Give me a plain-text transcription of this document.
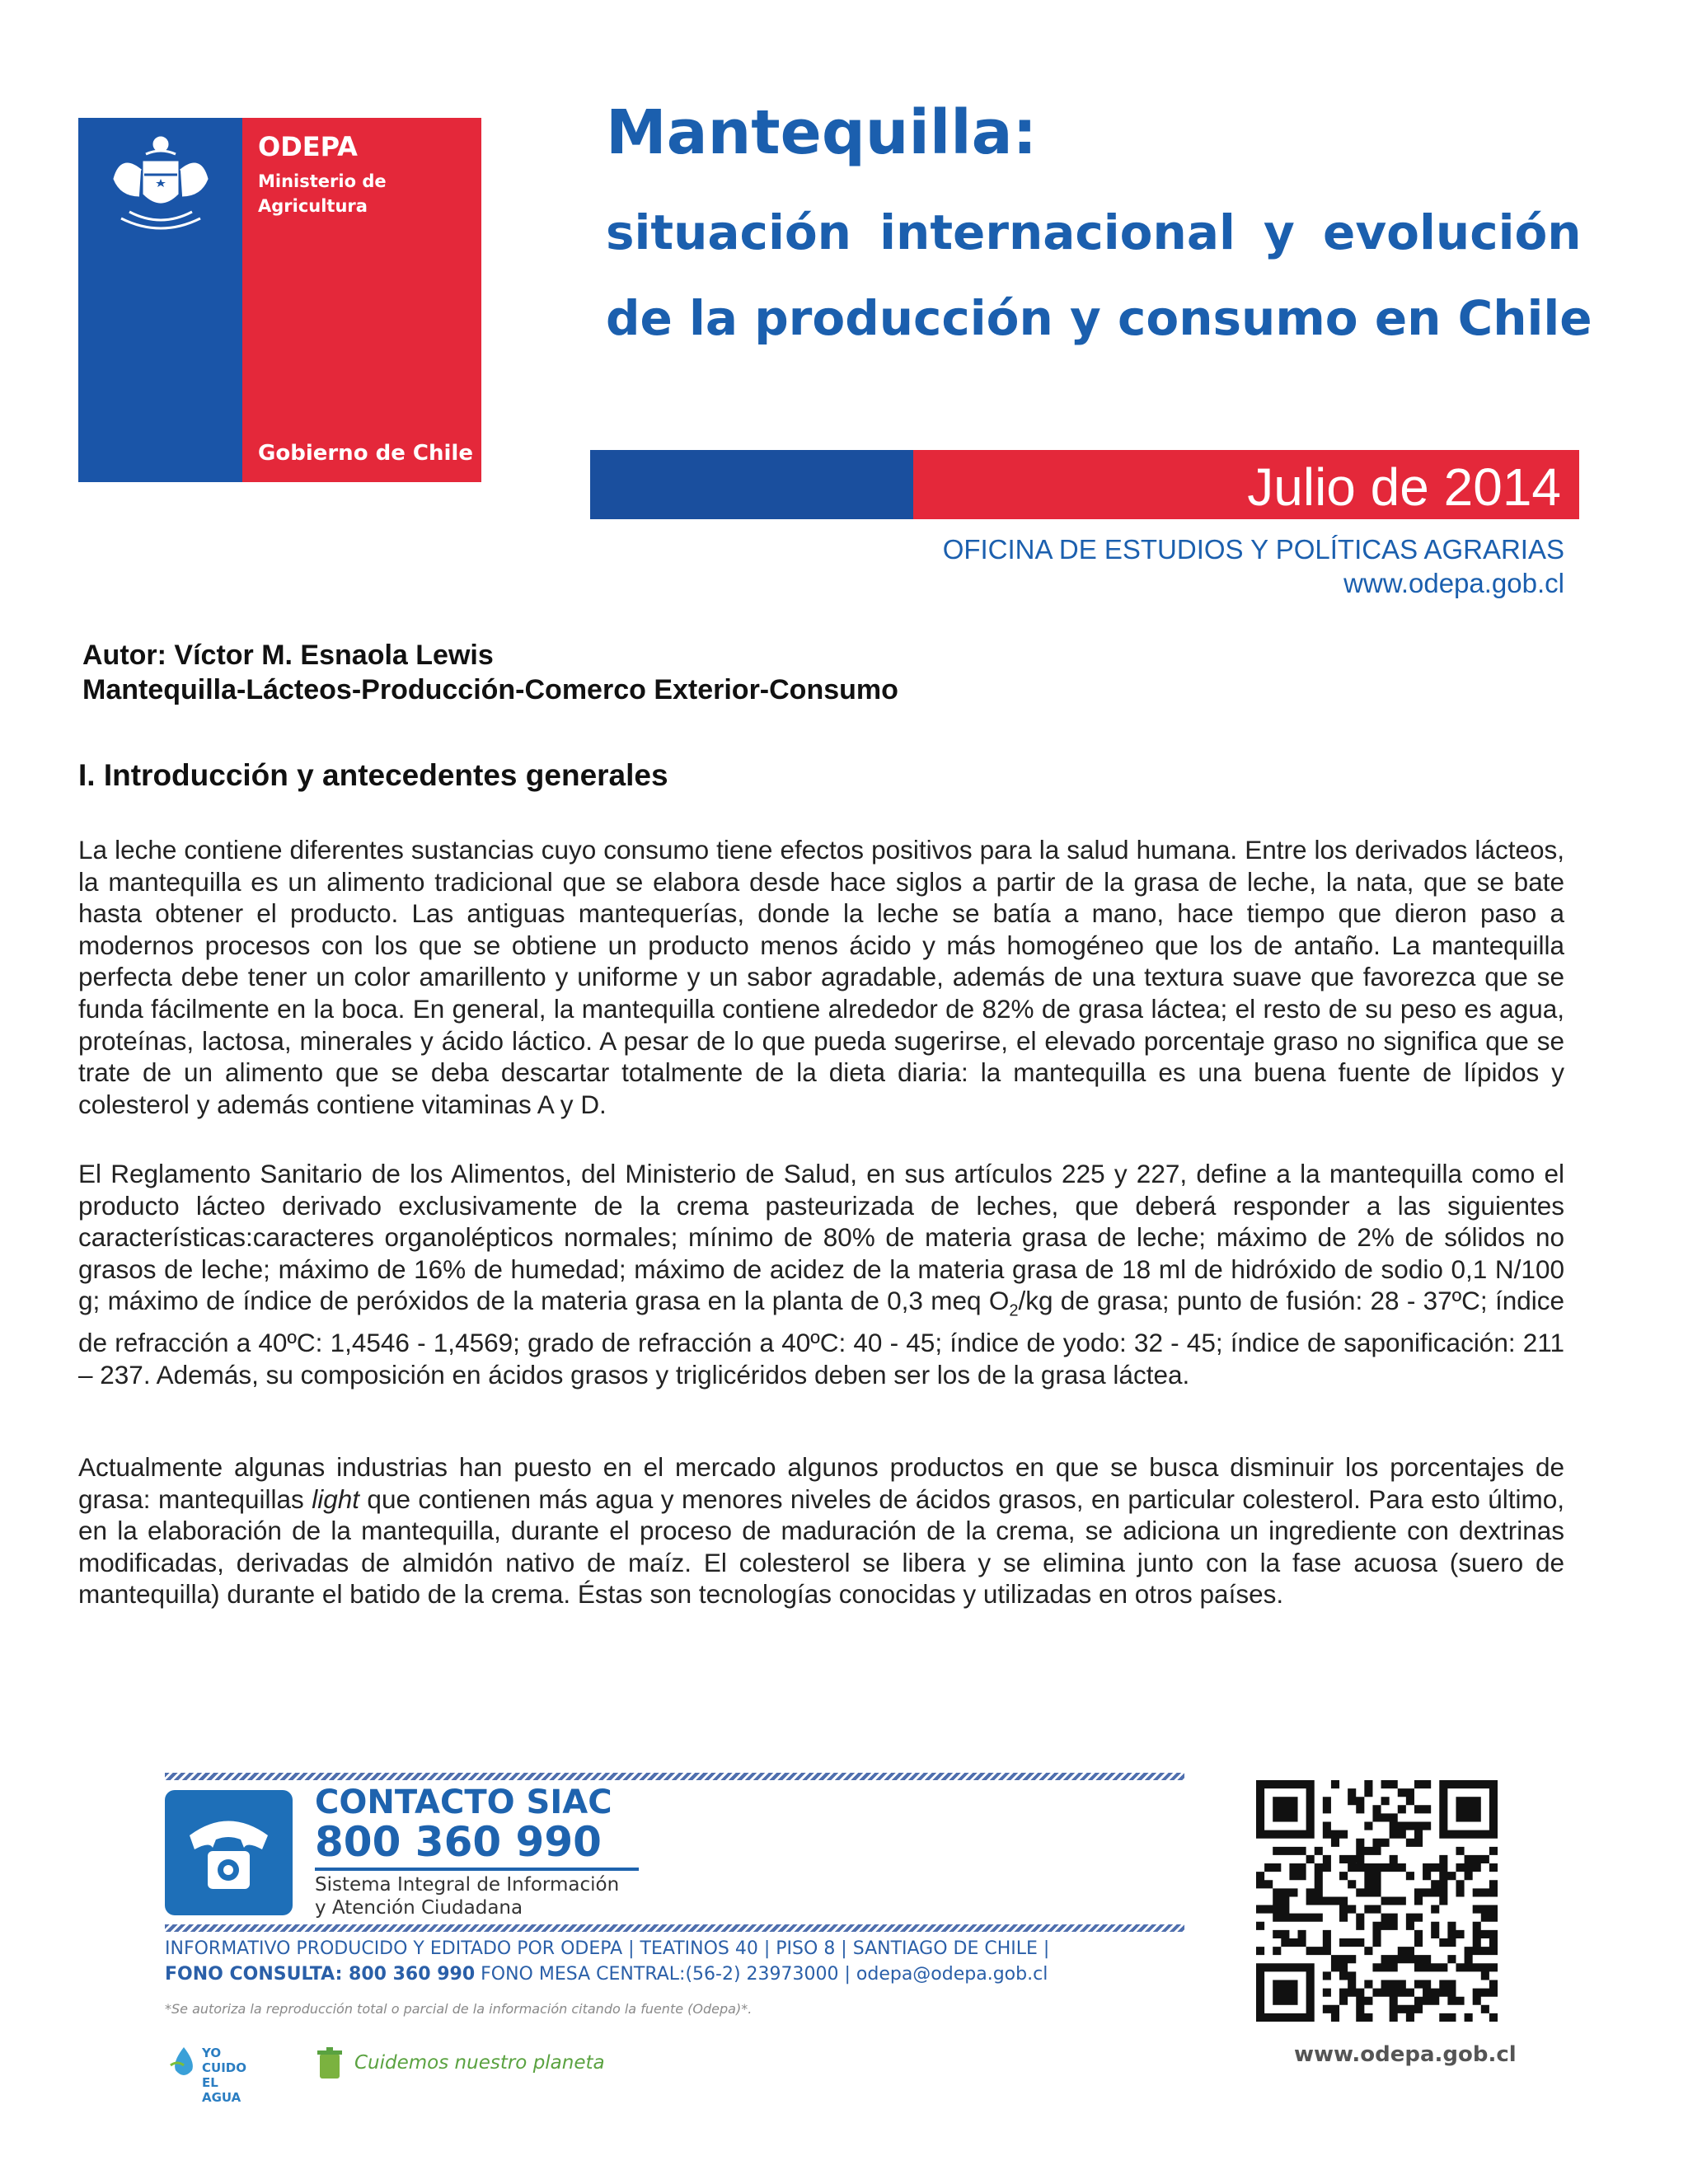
ODEPA
Ministerio de
Agricultura
Gobierno de Chile
Mantequilla:
situación internacional y evolución
de la producción y consumo en Chile
Julio de 2014
OFICINA DE ESTUDIOS Y POLÍTICAS AGRARIAS
www.odepa.gob.cl
Autor: Víctor M. Esnaola Lewis
Mantequilla-Lácteos-Producción-Comerco Exterior-Consumo
I. Introducción y antecedentes generales
La leche contiene diferentes sustancias cuyo consumo tiene efectos positivos para la salud humana. Entre los derivados lácteos, la mantequilla es un alimento tradicional que se elabora desde hace siglos a partir de la grasa de leche, la nata, que se bate hasta obtener el producto. Las antiguas mantequerías, donde la leche se batía a mano, hace tiempo que dieron paso a modernos procesos con los que se obtiene un producto menos ácido y más homogéneo que los de antaño. La mantequilla perfecta debe tener un color amarillento y uniforme y un sabor agradable, además de una textura suave que favorezca que se funda fácilmente en la boca. En general, la mantequilla contiene alrededor de 82% de grasa láctea; el resto de su peso es agua, proteínas, lactosa, minerales y ácido láctico. A pesar de lo que pueda sugerirse, el elevado porcentaje graso no significa que se trate de un alimento que se deba descartar totalmente de la dieta diaria: la mantequilla es una buena fuente de lípidos y colesterol y además contiene vitaminas A y D.
El Reglamento Sanitario de los Alimentos, del Ministerio de Salud, en sus artículos 225 y 227, define a la mantequilla como el producto lácteo derivado exclusivamente de la crema pasteurizada de leches, que deberá responder a las siguientes características:caracteres organolépticos normales; mínimo de 80% de materia grasa de leche; máximo de 2% de sólidos no grasos de leche; máximo de 16% de humedad; máximo de acidez de la materia grasa de 18 ml de hidróxido de sodio 0,1 N/100 g; máximo de índice de peróxidos de la materia grasa en la planta de 0,3 meq $O_2/kg$ de grasa; punto de fusión: 28 - 37ºC; índice de refracción a 40ºC: 1,4546 - 1,4569; grado de refracción a 40ºC: 40 - 45; índice de yodo: 32 - 45; índice de saponificación: 211 – 237. Además, su composición en ácidos grasos y triglicéridos deben ser los de la grasa láctea.
Actualmente algunas industrias han puesto en el mercado algunos productos en que se busca disminuir los porcentajes de grasa: mantequillas light que contienen más agua y menores niveles de ácidos grasos, en particular colesterol. Para esto último, en la elaboración de la mantequilla, durante el proceso de maduración de la crema, se adiciona un ingrediente con dextrinas modificadas, derivadas de almidón nativo de maíz. El colesterol se libera y se elimina junto con la fase acuosa (suero de mantequilla) durante el batido de la crema. Éstas son tecnologías conocidas y utilizadas en otros países.
CONTACTO SIAC
800 360 990
Sistema Integral de Información
y Atención Ciudadana
INFORMATIVO PRODUCIDO Y EDITADO POR ODEPA | TEATINOS 40 | PISO 8 | SANTIAGO DE CHILE |
FONO CONSULTA: 800 360 990 FONO MESA CENTRAL:(56-2) 23973000 | odepa@odepa.gob.cl
*Se autoriza la reproducción total o parcial de la información citando la fuente (Odepa)*.
YO CUIDO
EL AGUA
Cuidemos nuestro planeta	www.odepa.gob.cl
